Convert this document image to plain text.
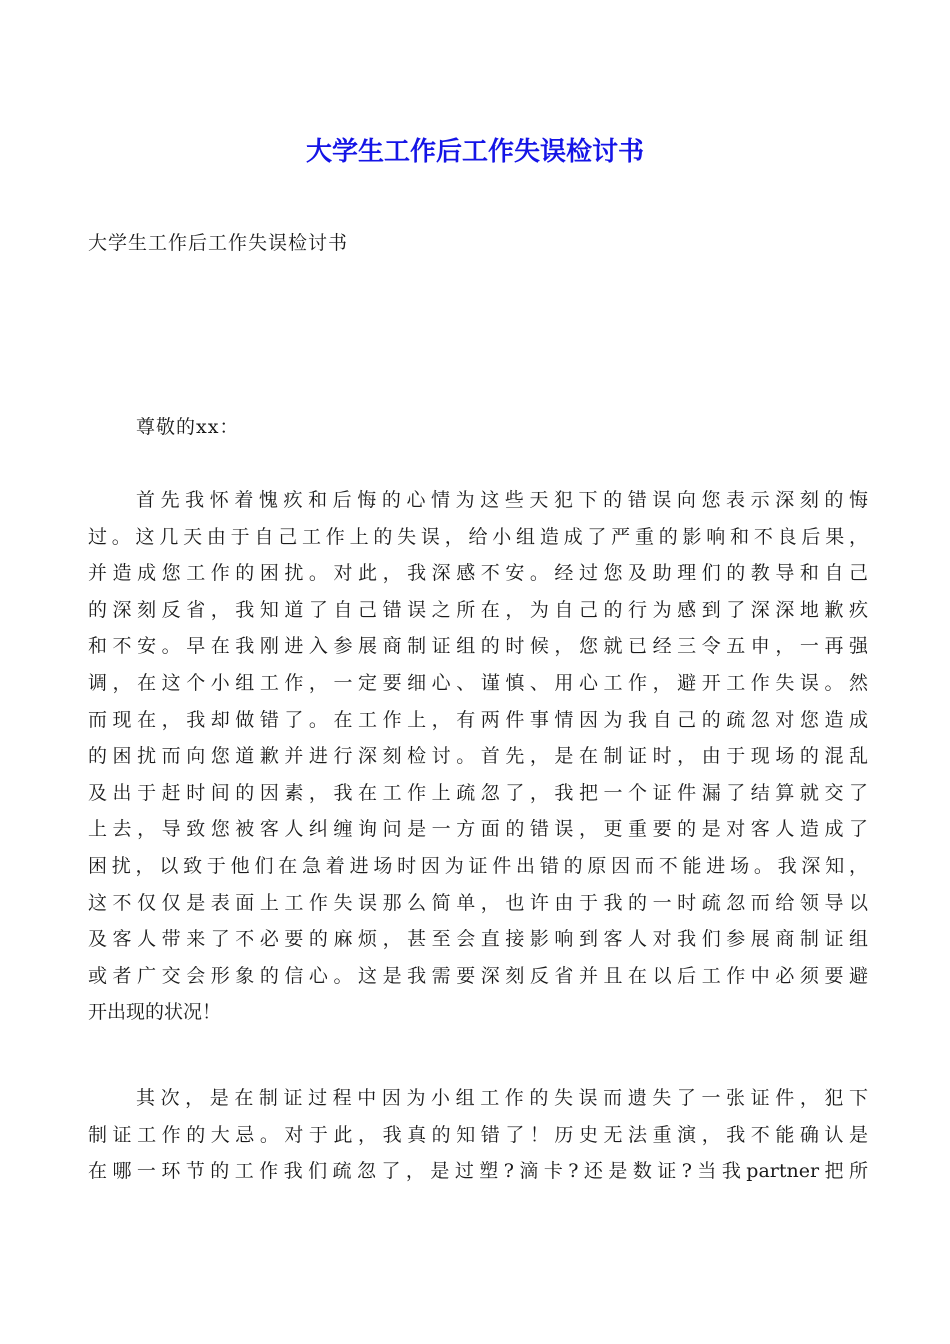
大学生工作后工作失误检讨书

大学生工作后工作失误检讨书

尊敬的xx：

首先我怀着愧疚和后悔的心情为这些天犯下的错误向您表示深刻的悔
过。这几天由于自己工作上的失误，给小组造成了严重的影响和不良后果，
并造成您工作的困扰。对此，我深感不安。经过您及助理们的教导和自己
的深刻反省，我知道了自己错误之所在，为自己的行为感到了深深地歉疚
和不安。早在我刚进入参展商制证组的时候，您就已经三令五申，一再强
调，在这个小组工作，一定要细心、谨慎、用心工作，避开工作失误。然
而现在，我却做错了。在工作上，有两件事情因为我自己的疏忽对您造成
的困扰而向您道歉并进行深刻检讨。首先，是在制证时，由于现场的混乱
及出于赶时间的因素，我在工作上疏忽了，我把一个证件漏了结算就交了
上去，导致您被客人纠缠询问是一方面的错误，更重要的是对客人造成了
困扰，以致于他们在急着进场时因为证件出错的原因而不能进场。我深知，
这不仅仅是表面上工作失误那么简单，也许由于我的一时疏忽而给领导以
及客人带来了不必要的麻烦，甚至会直接影响到客人对我们参展商制证组
或者广交会形象的信心。这是我需要深刻反省并且在以后工作中必须要避
开出现的状况！
其次，是在制证过程中因为小组工作的失误而遗失了一张证件，犯下
制证工作的大忌。对于此，我真的知错了！历史无法重演，我不能确认是
在哪一环节的工作我们疏忽了，是过塑?滴卡?还是数证?当我partner把所
